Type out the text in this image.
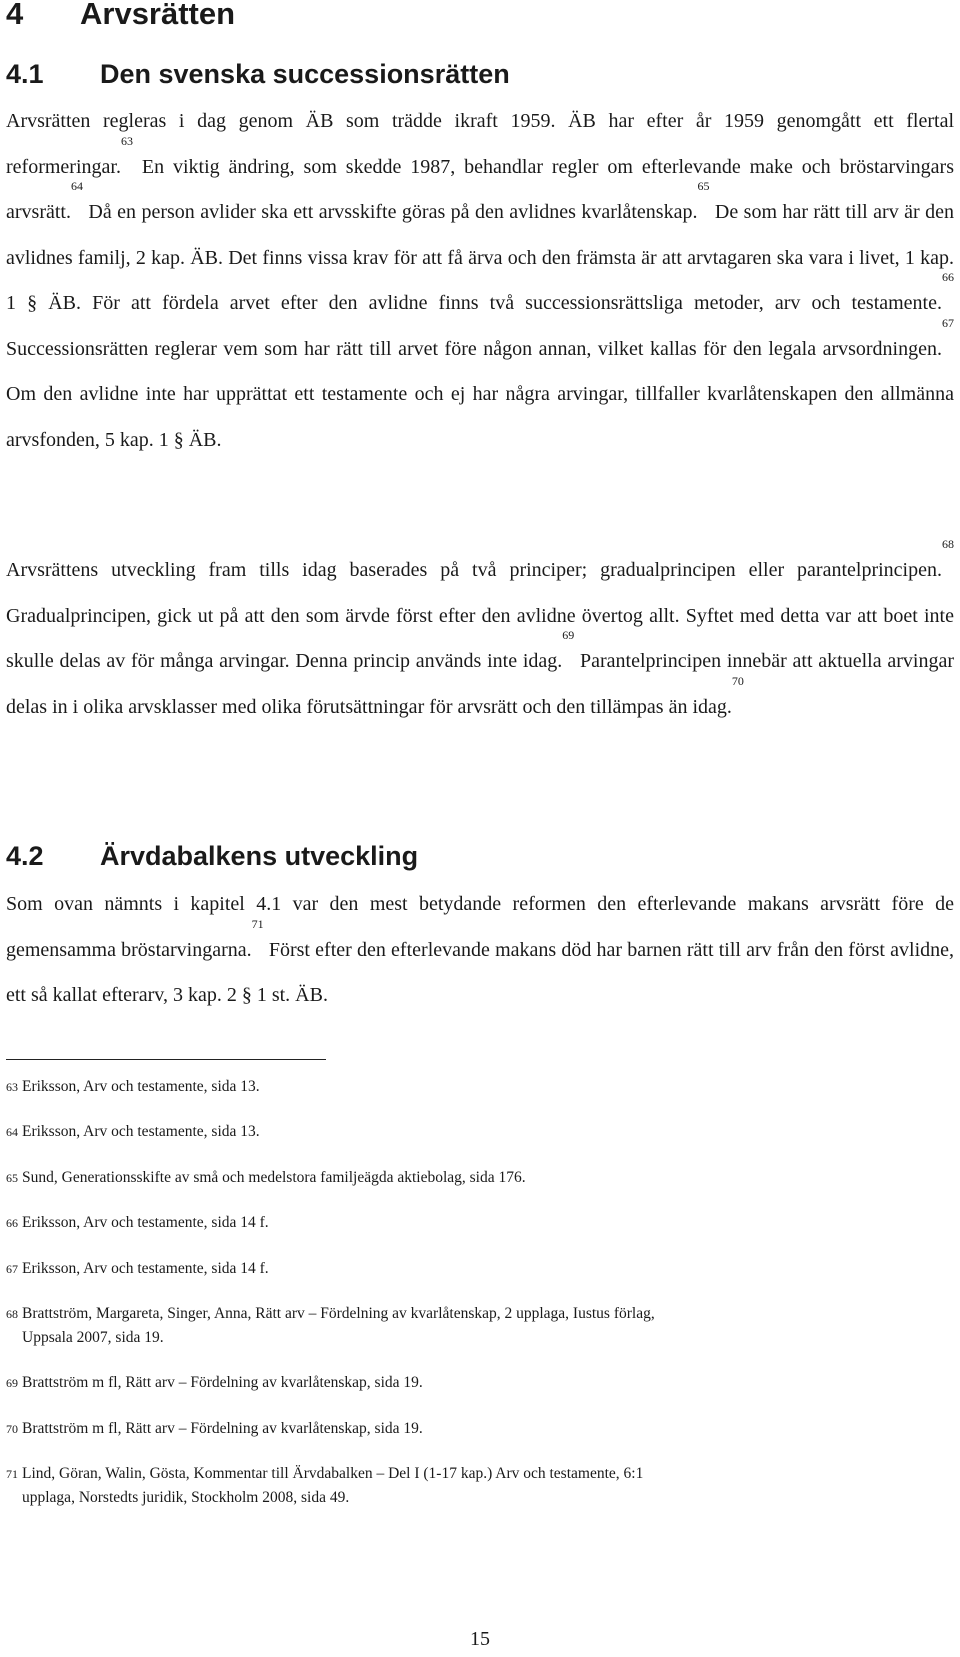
4 Arvsrätten
4.1 Den svenska successionsrätten

Arvsrätten regleras i dag genom ÄB som trädde ikraft 1959. ÄB har efter år 1959 genomgått ett flertal reformeringar.$^{63}$ En viktig ändring, som skedde 1987, behandlar regler om efterlevande make och bröstarvingars arvsrätt.$^{64}$ Då en person avlider ska ett arvsskifte göras på den avlidnes kvarlåtenskap.$^{65}$ De som har rätt till arv är den avlidnes familj, 2 kap. ÄB. Det finns vissa krav för att få ärva och den främsta är att arvtagaren ska vara i livet, 1 kap. 1 § ÄB. För att fördela arvet efter den avlidne finns två successionsrättsliga metoder, arv och testamente.$^{66}$ Successionsrätten reglerar vem som har rätt till arvet före någon annan, vilket kallas för den legala arvsordningen.$^{67}$ Om den avlidne inte har upprättat ett testamente och ej har några arvingar, tillfaller kvarlåtenskapen den allmänna arvsfonden, 5 kap. 1 § ÄB.

Arvsrättens utveckling fram tills idag baserades på två principer; gradualprincipen eller parantelprincipen.$^{68}$ Gradualprincipen, gick ut på att den som ärvde först efter den avlidne övertog allt. Syftet med detta var att boet inte skulle delas av för många arvingar. Denna princip används inte idag.$^{69}$ Parantelprincipen innebär att aktuella arvingar delas in i olika arvsklasser med olika förutsättningar för arvsrätt och den tillämpas än idag.$^{70}$

4.2 Ärvdabalkens utveckling

Som ovan nämnts i kapitel 4.1 var den mest betydande reformen den efterlevande makans arvsrätt före de gemensamma bröstarvingarna.$^{71}$ Först efter den efterlevande makans död har barnen rätt till arv från den först avlidne, ett så kallat efterarv, 3 kap. 2 § 1 st. ÄB.

63 Eriksson, Arv och testamente, sida 13.

64 Eriksson, Arv och testamente, sida 13.

65 Sund, Generationsskifte av små och medelstora familjeägda aktiebolag, sida 176.

66 Eriksson, Arv och testamente, sida 14 f.

67 Eriksson, Arv och testamente, sida 14 f.

68 Brattström, Margareta, Singer, Anna, Rätt arv – Fördelning av kvarlåtenskap, 2 upplaga, Iustus förlag,
Uppsala 2007, sida 19.

69 Brattström m fl, Rätt arv – Fördelning av kvarlåtenskap, sida 19.

70 Brattström m fl, Rätt arv – Fördelning av kvarlåtenskap, sida 19.

71 Lind, Göran, Walin, Gösta, Kommentar till Ärvdabalken – Del I (1-17 kap.) Arv och testamente, 6:1
upplaga, Norstedts juridik, Stockholm 2008, sida 49.

15
